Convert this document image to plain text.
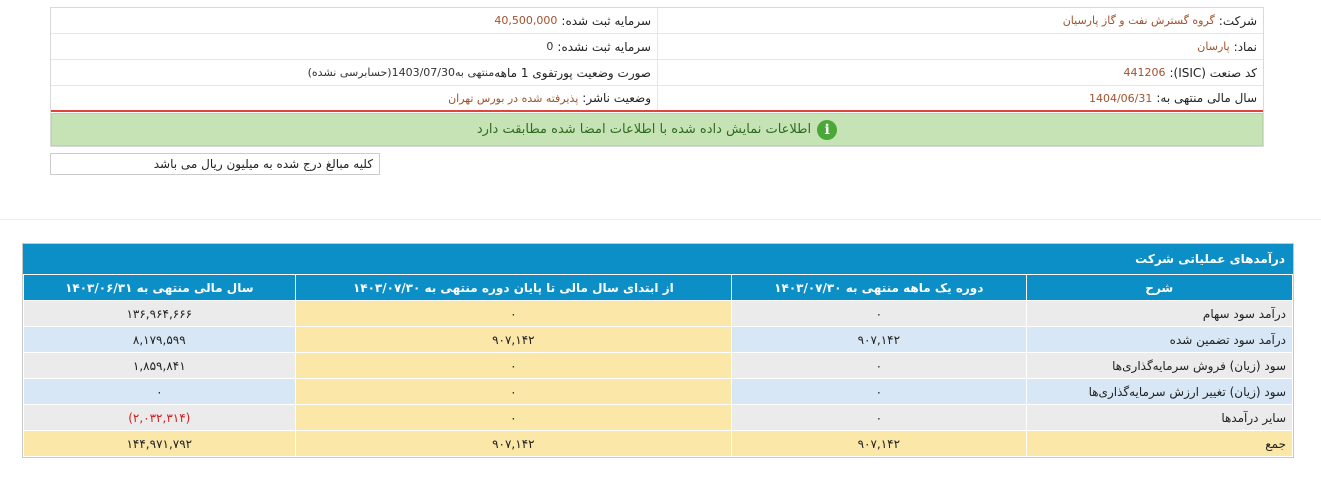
شرکت:
گروه گسترش نفت و گاز پارسیان
سرمایه ثبت شده:
40,500,000
نماد:
پارسان
سرمایه ثبت نشده:
0
کد صنعت (ISIC):
441206
صورت وضعیت پورتفوی 1 ماهه
منتهی به1403/07/30(حسابرسی نشده)
سال مالی منتهی به:
1404/06/31
وضعیت ناشر:
پذیرفته شده در بورس تهران
i
اطلاعات نمایش داده شده با اطلاعات امضا شده مطابقت دارد
کلیه مبالغ درج شده به میلیون ریال می باشد
درآمدهای عملیاتی شرکت
شرح	دوره یک ماهه منتهی به ۱۴۰۳/۰۷/۳۰	از ابتدای سال مالی تا پایان دوره منتهی به ۱۴۰۳/۰۷/۳۰	سال مالی منتهی به ۱۴۰۳/۰۶/۳۱
درآمد سود سهام	۰	۰	۱۳۶,۹۶۴,۶۶۶
درآمد سود تضمین شده	۹۰۷,۱۴۲	۹۰۷,۱۴۲	۸,۱۷۹,۵۹۹
سود (زیان) فروش سرمایه‌گذاری‌ها	۰	۰	۱,۸۵۹,۸۴۱
سود (زیان) تغییر ارزش سرمایه‌گذاری‌ها	۰	۰	۰
سایر درآمدها	۰	۰	(۲,۰۳۲,۳۱۴)
جمع	۹۰۷,۱۴۲	۹۰۷,۱۴۲	۱۴۴,۹۷۱,۷۹۲
